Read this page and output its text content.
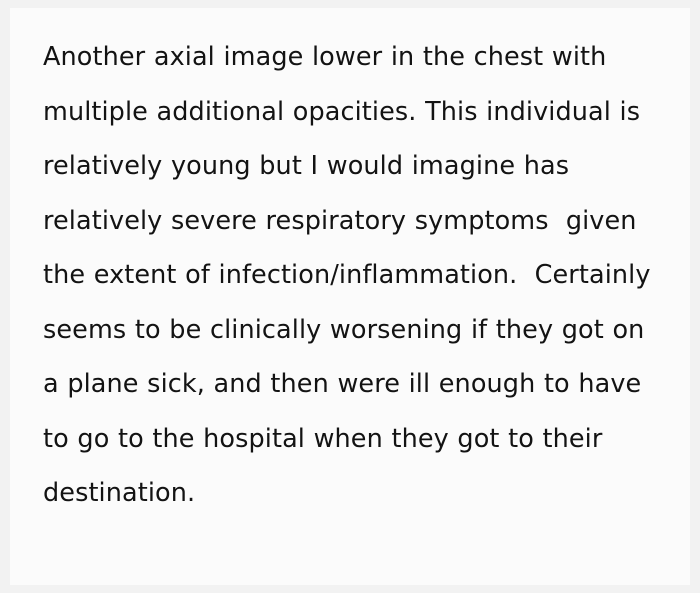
Another axial image lower in the chest with multiple additional opacities. This individual is relatively young but I would imagine has relatively severe respiratory symptoms  given the extent of infection/inflammation.  Certainly seems to be clinically worsening if they got on a plane sick, and then were ill enough to have to go to the hospital when they got to their destination.
